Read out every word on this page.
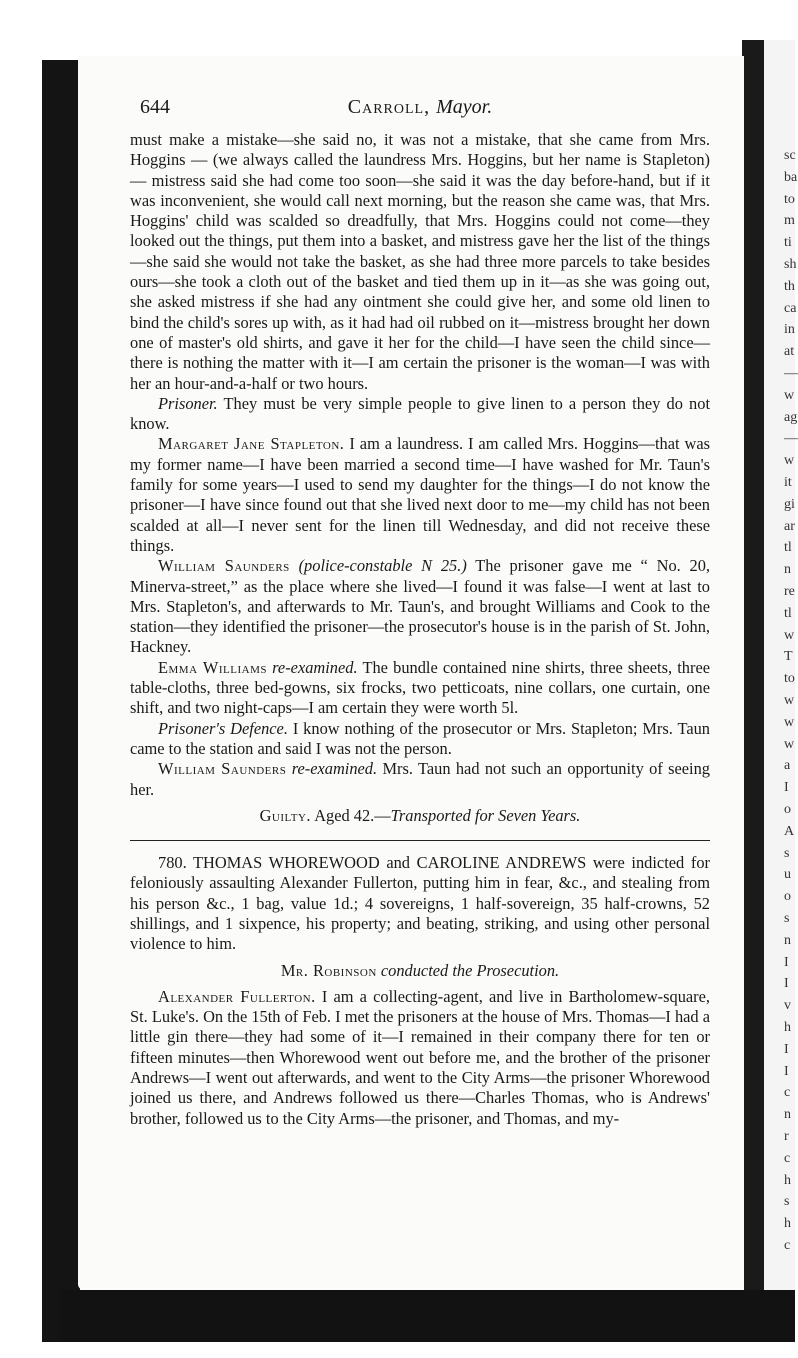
sc
ba
to
m
ti
sh
th
ca
in
at
—
w
ag
—
w
it
gi
ar
tl
n
re
tl
w
T
to
w
w
w
a
I
o
A
s
u
o
s
n
I
I
v
h
I
I
c
n
r
c
h
s
h
c
644	Carroll, Mayor.

must make a mistake—she said no, it was not a mistake, that she came from Mrs. Hoggins — (we always called the laundress Mrs. Hoggins, but her name is Stapleton) — mistress said she had come too soon—she said it was the day before-hand, but if it was inconvenient, she would call next morning, but the reason she came was, that Mrs. Hoggins' child was scalded so dreadfully, that Mrs. Hoggins could not come—they looked out the things, put them into a basket, and mistress gave her the list of the things—she said she would not take the basket, as she had three more parcels to take besides ours—she took a cloth out of the basket and tied them up in it—as she was going out, she asked mistress if she had any ointment she could give her, and some old linen to bind the child's sores up with, as it had had oil rubbed on it—mistress brought her down one of master's old shirts, and gave it her for the child—I have seen the child since—there is nothing the matter with it—I am certain the prisoner is the woman—I was with her an hour-and-a-half or two hours.

Prisoner. They must be very simple people to give linen to a person they do not know.

Margaret Jane Stapleton. I am a laundress. I am called Mrs. Hoggins—that was my former name—I have been married a second time—I have washed for Mr. Taun's family for some years—I used to send my daughter for the things—I do not know the prisoner—I have since found out that she lived next door to me—my child has not been scalded at all—I never sent for the linen till Wednesday, and did not receive these things.

William Saunders (police-constable N 25.) The prisoner gave me “ No. 20, Minerva-street,” as the place where she lived—I found it was false—I went at last to Mrs. Stapleton's, and afterwards to Mr. Taun's, and brought Williams and Cook to the station—they identified the prisoner—the prosecutor's house is in the parish of St. John, Hackney.

Emma Williams re-examined. The bundle contained nine shirts, three sheets, three table-cloths, three bed-gowns, six frocks, two petticoats, nine collars, one curtain, one shift, and two night-caps—I am certain they were worth 5l.

Prisoner's Defence. I know nothing of the prosecutor or Mrs. Stapleton; Mrs. Taun came to the station and said I was not the person.

William Saunders re-examined. Mrs. Taun had not such an opportunity of seeing her.

Guilty. Aged 42.—Transported for Seven Years.

780. THOMAS WHOREWOOD and CAROLINE ANDREWS were indicted for feloniously assaulting Alexander Fullerton, putting him in fear, &c., and stealing from his person &c., 1 bag, value 1d.; 4 sovereigns, 1 half-sovereign, 35 half-crowns, 52 shillings, and 1 sixpence, his property; and beating, striking, and using other personal violence to him.

Mr. Robinson conducted the Prosecution.

Alexander Fullerton. I am a collecting-agent, and live in Bartholomew-square, St. Luke's. On the 15th of Feb. I met the prisoners at the house of Mrs. Thomas—I had a little gin there—they had some of it—I remained in their company there for ten or fifteen minutes—then Whorewood went out before me, and the brother of the prisoner Andrews—I went out afterwards, and went to the City Arms—the prisoner Whorewood joined us there, and Andrews followed us there—Charles Thomas, who is Andrews' brother, followed us to the City Arms—the prisoner, and Thomas, and my-
